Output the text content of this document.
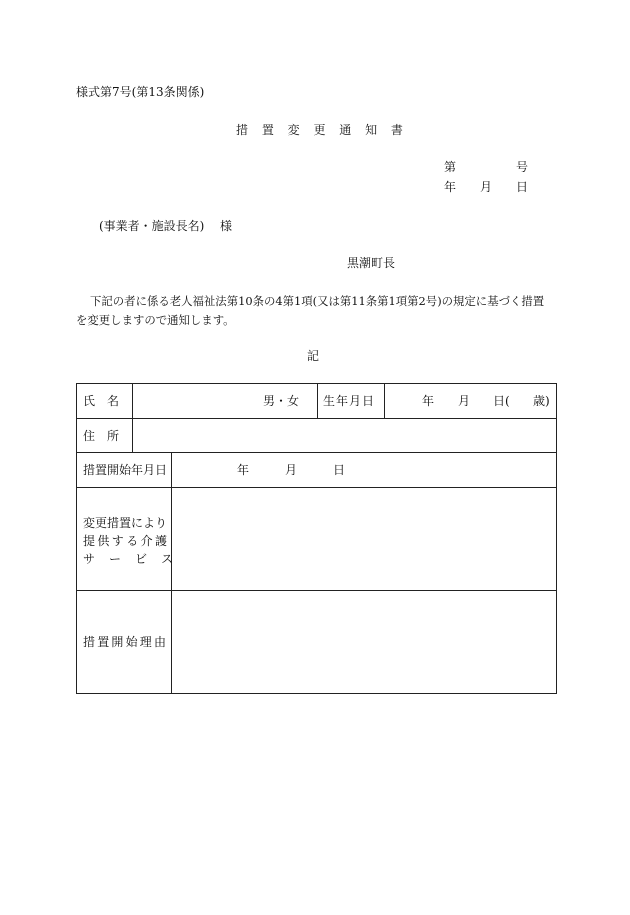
様式第7号(第13条関係)
措 置 変 更 通 知 書
第	号
年 月 日
(事業者・施設長名) 様
黒潮町長
下記の者に係る老人福祉法第10条の4第1項(又は第11条第1項第2号)の規定に基づく措置
を変更しますので通知します。
記
氏　名	男・女 生年月日	年 月 日( 歳)
住　所
措置開始年月日	年	月	日
変更措置により
提供する介護
サービス
措置開始理由
